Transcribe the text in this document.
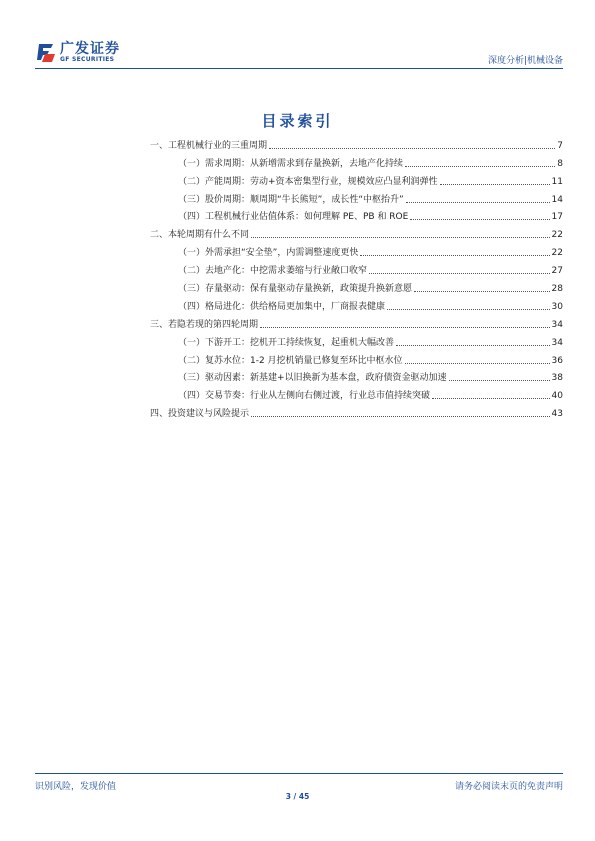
广发证券
GF SECURITIES	深度分析|机械设备
目录索引
一、工程机械行业的三重周期	7
（一）需求周期：从新增需求到存量换新，去地产化持续	8
（二）产能周期：劳动+资本密集型行业，规模效应凸显利润弹性	11
（三）股价周期：顺周期“牛长熊短”，成长性“中枢抬升”	14
（四）工程机械行业估值体系：如何理解 PE、PB 和 ROE	17
二、本轮周期有什么不同	22
（一）外需承担“安全垫”，内需调整速度更快	22
（二）去地产化：中挖需求萎缩与行业敞口收窄	27
（三）存量驱动：保有量驱动存量换新，政策提升换新意愿	28
（四）格局进化：供给格局更加集中，厂商报表健康	30
三、若隐若现的第四轮周期	34
（一）下游开工：挖机开工持续恢复，起重机大幅改善	34
（二）复苏水位：1-2 月挖机销量已修复至环比中枢水位	36
（三）驱动因素：新基建+以旧换新为基本盘，政府债资金驱动加速	38
（四）交易节奏：行业从左侧向右侧过渡，行业总市值持续突破	40
四、投资建议与风险提示	43
识别风险，发现价值	请务必阅读末页的免责声明
3 / 45
